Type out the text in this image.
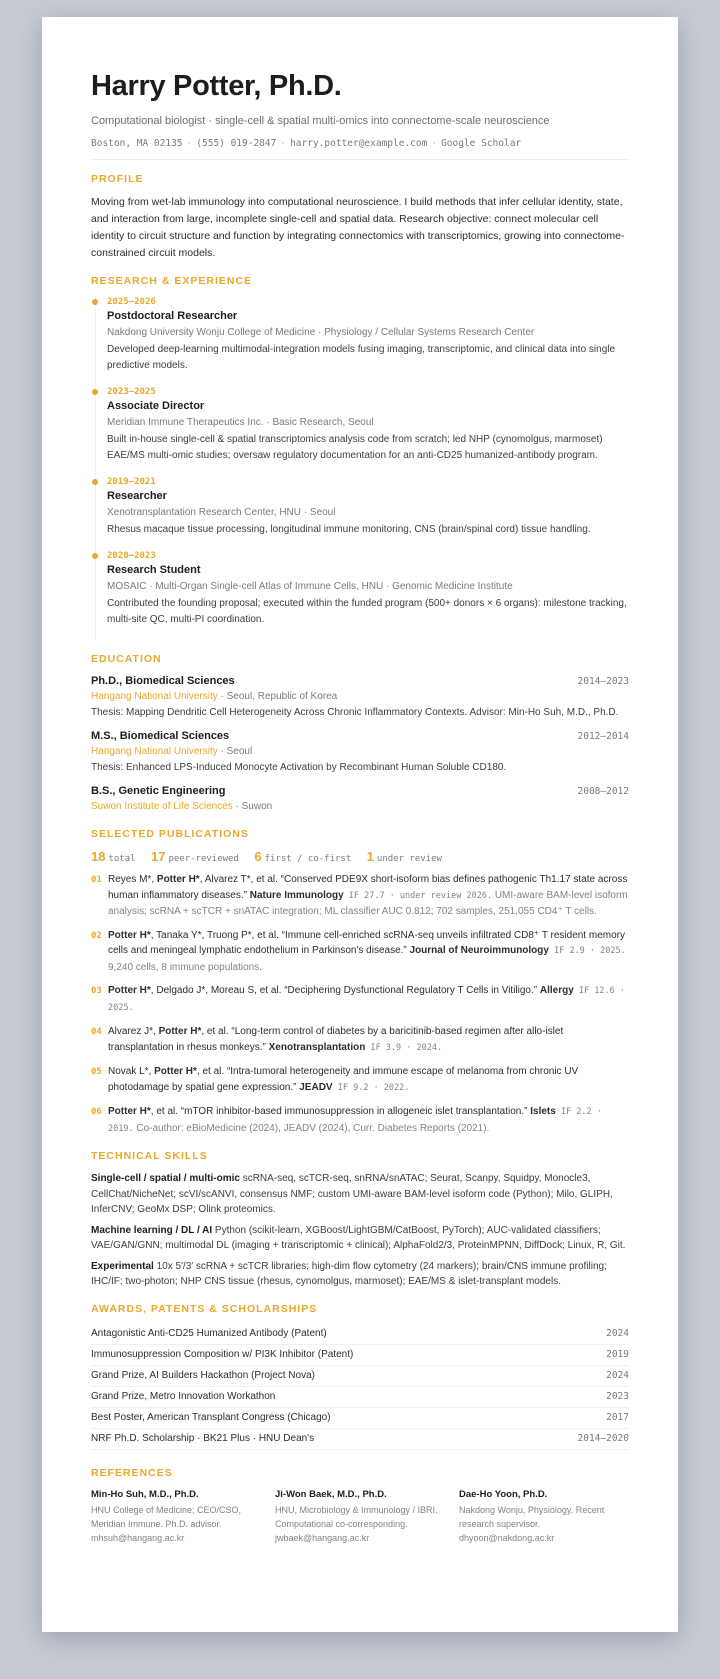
Harry Potter, Ph.D.
Computational biologist · single-cell & spatial multi-omics into connectome-scale neuroscience
Boston, MA 02135 · (555) 019-2847 · harry.potter@example.com · Google Scholar
PROFILE
Moving from wet-lab immunology into computational neuroscience. I build methods that infer cellular identity, state, and interaction from large, incomplete single-cell and spatial data. Research objective: connect molecular cell identity to circuit structure and function by integrating connectomics with transcriptomics, growing into connectome-constrained circuit models.
RESEARCH & EXPERIENCE
2025–2026
Postdoctoral Researcher
Nakdong University Wonju College of Medicine · Physiology / Cellular Systems Research Center
Developed deep-learning multimodal-integration models fusing imaging, transcriptomic, and clinical data into single predictive models.
2023–2025
Associate Director
Meridian Immune Therapeutics Inc. · Basic Research, Seoul
Built in-house single-cell & spatial transcriptomics analysis code from scratch; led NHP (cynomolgus, marmoset) EAE/MS multi-omic studies; oversaw regulatory documentation for an anti-CD25 humanized-antibody program.
2019–2021
Researcher
Xenotransplantation Research Center, HNU · Seoul
Rhesus macaque tissue processing, longitudinal immune monitoring, CNS (brain/spinal cord) tissue handling.
2020–2023
Research Student
MOSAIC · Multi-Organ Single-cell Atlas of Immune Cells, HNU · Genomic Medicine Institute
Contributed the founding proposal; executed within the funded program (500+ donors × 6 organs): milestone tracking, multi-site QC, multi-PI coordination.
EDUCATION
Ph.D., Biomedical Sciences	2014–2023
Hangang National University · Seoul, Republic of Korea
Thesis: Mapping Dendritic Cell Heterogeneity Across Chronic Inflammatory Contexts. Advisor: Min-Ho Suh, M.D., Ph.D.
M.S., Biomedical Sciences	2012–2014
Hangang National University · Seoul
Thesis: Enhanced LPS-Induced Monocyte Activation by Recombinant Human Soluble CD180.
B.S., Genetic Engineering	2008–2012
Suwon Institute of Life Sciences · Suwon
SELECTED PUBLICATIONS
18 total 17 peer-reviewed 6 first / co-first 1 under review
01 Reyes M*, Potter H*, Alvarez T*, et al. “Conserved PDE9X short-isoform bias defines pathogenic Th1.17 state across human inflammatory diseases.” Nature Immunology IF 27.7 · under review 2026. UMI-aware BAM-level isoform analysis; scRNA + scTCR + snATAC integration; ML classifier AUC 0.812; 702 samples, 251,055 CD4⁺ T cells.
02 Potter H*, Tanaka Y*, Truong P*, et al. “Immune cell-enriched scRNA-seq unveils infiltrated CD8⁺ T resident memory cells and meningeal lymphatic endothelium in Parkinson's disease.” Journal of Neuroimmunology IF 2.9 · 2025. 9,240 cells, 8 immune populations.
03 Potter H*, Delgado J*, Moreau S, et al. “Deciphering Dysfunctional Regulatory T Cells in Vitiligo.” Allergy IF 12.6 · 2025.
04 Alvarez J*, Potter H*, et al. “Long-term control of diabetes by a baricitinib-based regimen after allo-islet transplantation in rhesus monkeys.” Xenotransplantation IF 3.9 · 2024.
05 Novak L*, Potter H*, et al. “Intra-tumoral heterogeneity and immune escape of melanoma from chronic UV photodamage by spatial gene expression.” JEADV IF 9.2 · 2022.
06 Potter H*, et al. “mTOR inhibitor-based immunosuppression in allogeneic islet transplantation.” Islets IF 2.2 · 2019. Co-author: eBioMedicine (2024), JEADV (2024), Curr. Diabetes Reports (2021).
TECHNICAL SKILLS
Single-cell / spatial / multi-omic scRNA-seq, scTCR-seq, snRNA/snATAC; Seurat, Scanpy, Squidpy, Monocle3, CellChat/NicheNet; scVI/scANVI, consensus NMF; custom UMI-aware BAM-level isoform code (Python); Milo, GLIPH, InferCNV; GeoMx DSP; Olink proteomics.
Machine learning / DL / AI Python (scikit-learn, XGBoost/LightGBM/CatBoost, PyTorch); AUC-validated classifiers; VAE/GAN/GNN; multimodal DL (imaging + transcriptomic + clinical); AlphaFold2/3, ProteinMPNN, DiffDock; Linux, R, Git.
Experimental 10x 5′/3′ scRNA + scTCR libraries; high-dim flow cytometry (24 markers); brain/CNS immune profiling; IHC/IF; two-photon; NHP CNS tissue (rhesus, cynomolgus, marmoset); EAE/MS & islet-transplant models.
AWARDS, PATENTS & SCHOLARSHIPS
Antagonistic Anti-CD25 Humanized Antibody (Patent)	2024
Immunosuppression Composition w/ PI3K Inhibitor (Patent)	2019
Grand Prize, AI Builders Hackathon (Project Nova)	2024
Grand Prize, Metro Innovation Workathon	2023
Best Poster, American Transplant Congress (Chicago)	2017
NRF Ph.D. Scholarship · BK21 Plus · HNU Dean's	2014–2020
REFERENCES
Min-Ho Suh, M.D., Ph.D.
HNU College of Medicine; CEO/CSO, Meridian Immune. Ph.D. advisor.
mhsuh@hangang.ac.kr
Ji-Won Baek, M.D., Ph.D.
HNU, Microbiology & Immunology / IBRI. Computational co-corresponding.
jwbaek@hangang.ac.kr
Dae-Ho Yoon, Ph.D.
Nakdong Wonju, Physiology. Recent research supervisor.
dhyoon@nakdong.ac.kr
